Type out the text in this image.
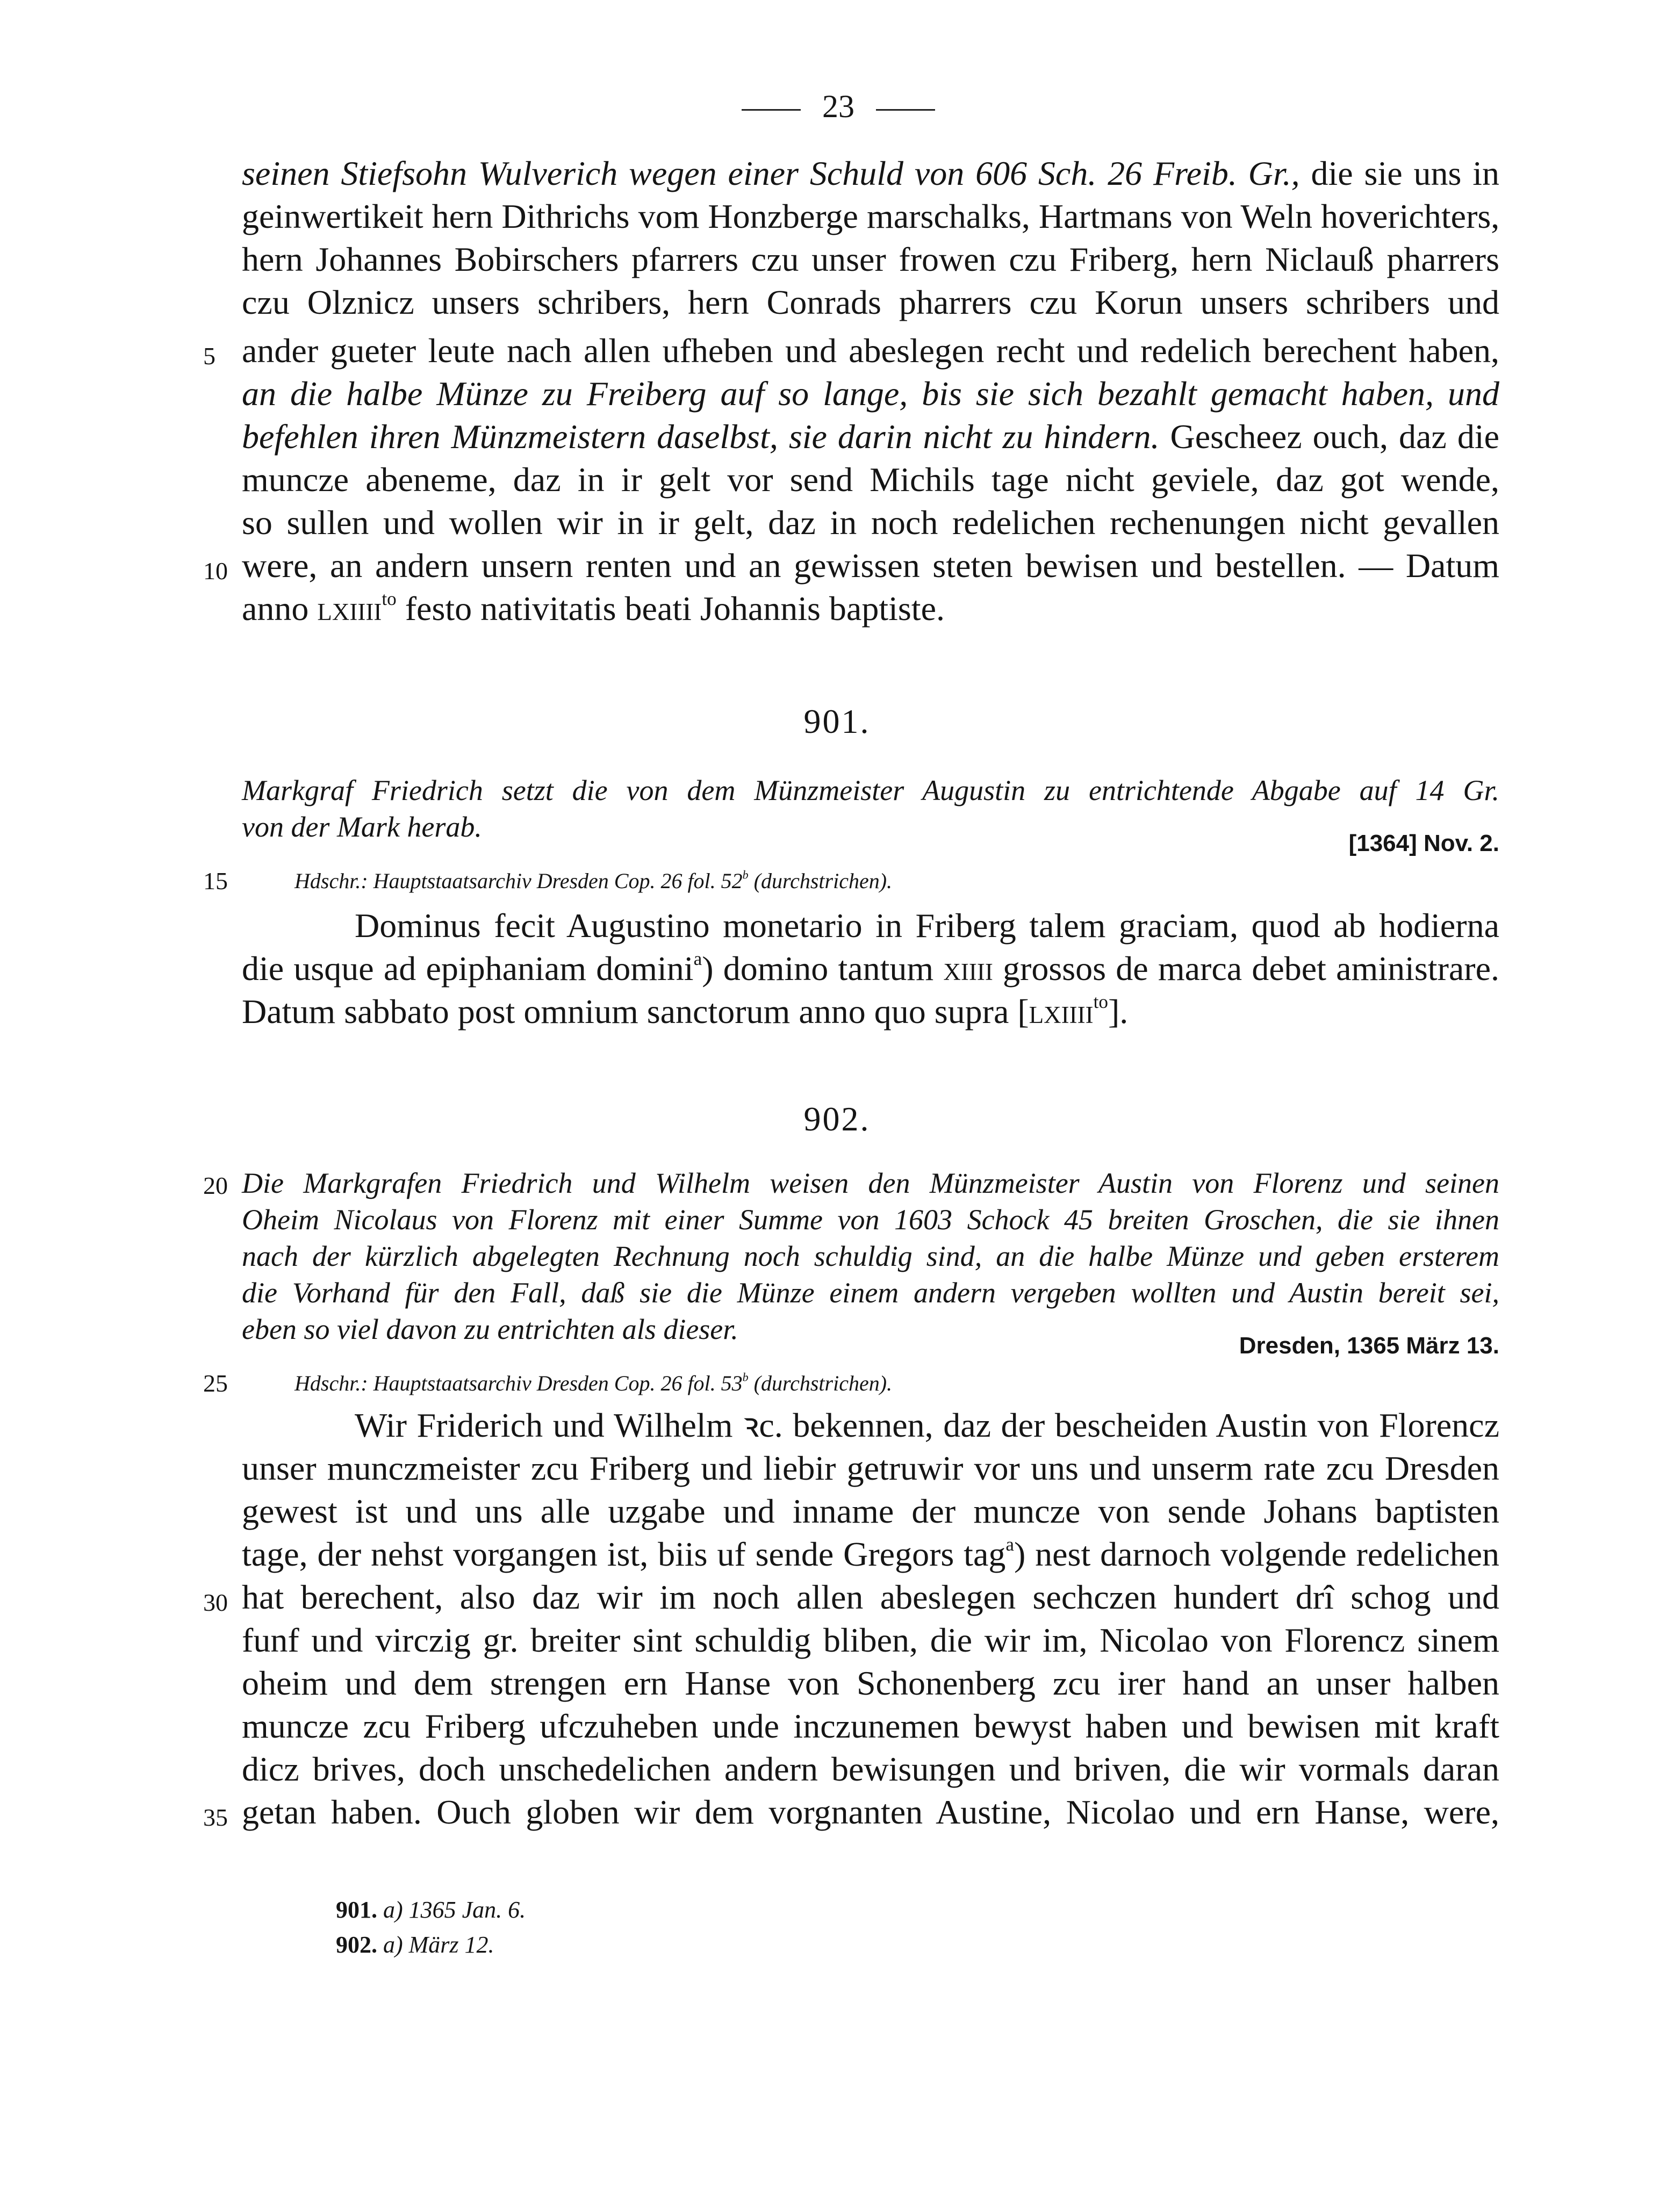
23
seinen Stiefsohn Wulverich wegen einer Schuld von 606 Sch. 26 Freib. Gr., die sie uns in
geinwertikeit hern Dithrichs vom Honzberge marschalks, Hartmans von Weln hoverichters,
hern Johannes Bobirschers pfarrers czu unser frowen czu Friberg, hern Niclauß pharrers
czu Olznicz unsers schribers, hern Conrads pharrers czu Korun unsers schribers und
5 ander gueter leute nach allen ufheben und abeslegen recht und redelich berechent haben,
an die halbe Münze zu Freiberg auf so lange, bis sie sich bezahlt gemacht haben, und
befehlen ihren Münzmeistern daselbst, sie darin nicht zu hindern. Gescheez ouch, daz die
muncze abeneme, daz in ir gelt vor send Michils tage nicht geviele, daz got wende,
so sullen und wollen wir in ir gelt, daz in noch redelichen rechenungen nicht gevallen
10 were, an andern unsern renten und an gewissen steten bewisen und bestellen. — Datum
anno lxiiii$^{to}$ festo nativitatis beati Johannis baptiste.
901.
Markgraf Friedrich setzt die von dem Münzmeister Augustin zu entrichtende Abgabe auf 14 Gr.
von der Mark herab.
[1364] Nov. 2.
15	Hdschr.: Hauptstaatsarchiv Dresden Cop. 26 fol. 52$^b$ (durchstrichen).
Dominus fecit Augustino monetario in Friberg talem graciam, quod ab hodierna
die usque ad epiphaniam domini$^a$) domino tantum xiiii grossos de marca debet aministrare.
Datum sabbato post omnium sanctorum anno quo supra [lxiiii$^{to}$].
902.
20 Die Markgrafen Friedrich und Wilhelm weisen den Münzmeister Austin von Florenz und seinen
Oheim Nicolaus von Florenz mit einer Summe von 1603 Schock 45 breiten Groschen, die sie ihnen
nach der kürzlich abgelegten Rechnung noch schuldig sind, an die halbe Münze und geben ersterem
die Vorhand für den Fall, daß sie die Münze einem andern vergeben wollten und Austin bereit sei,
eben so viel davon zu entrichten als dieser.
Dresden, 1365 März 13.
25	Hdschr.: Hauptstaatsarchiv Dresden Cop. 26 fol. 53$^b$ (durchstrichen).
Wir Friderich und Wilhelm ꝛc. bekennen, daz der bescheiden Austin von Florencz
unser munczmeister zcu Friberg und liebir getruwir vor uns und unserm rate zcu Dresden
gewest ist und uns alle uzgabe und inname der muncze von sende Johans baptisten
tage, der nehst vorgangen ist, biis uf sende Gregors tag$^a$) nest darnoch volgende redelichen
30 hat berechent, also daz wir im noch allen abeslegen sechczen hundert drî schog und
funf und virczig gr. breiter sint schuldig bliben, die wir im, Nicolao von Florencz sinem
oheim und dem strengen ern Hanse von Schonenberg zcu irer hand an unser halben
muncze zcu Friberg ufczuheben unde inczunemen bewyst haben und bewisen mit kraft
dicz brives, doch unschedelichen andern bewisungen und briven, die wir vormals daran
35 getan haben. Ouch globen wir dem vorgnanten Austine, Nicolao und ern Hanse, were,
901. a) 1365 Jan. 6.
902. a) März 12.
